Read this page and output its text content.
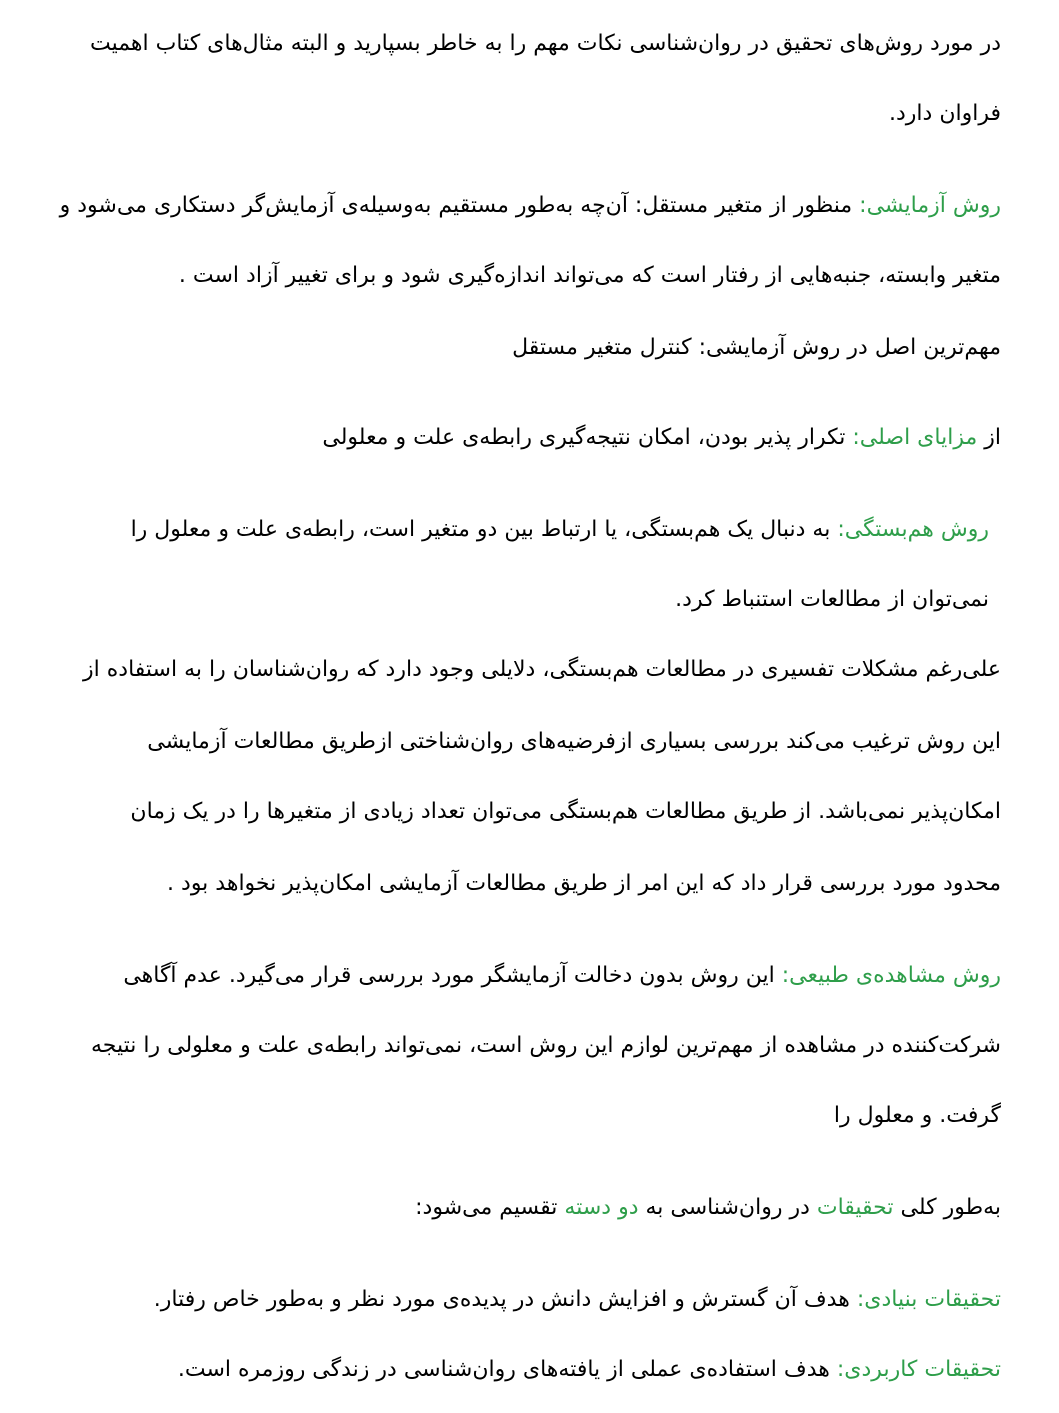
در مورد روش‌های تحقیق در روان‌شناسی نکات مهم را به خاطر بسپارید و البته مثال‌های کتاب اهمیت
فراوان دارد.
روش آزمایشی: منظور از متغیر مستقل: آن‌چه به‌طور مستقیم به‌وسیله‌ی آزمایش‌گر دستکاری می‌شود و
متغیر وابسته، جنبه‌هایی از رفتار است که می‌تواند اندازه‌گیری شود و برای تغییر آزاد است .
مهم‌ترین اصل در روش آزمایشی: کنترل متغیر مستقل
از مزایای اصلی: تکرار پذیر بودن، امکان نتیجه‌گیری رابطه‌ی علت و معلولی
روش هم‌بستگی: به دنبال یک هم‌بستگی، یا ارتباط بین دو متغیر است، رابطه‌ی علت و معلول را
نمی‌توان از مطالعات استنباط کرد.
علی‌رغم مشکلات تفسیری در مطالعات هم‌بستگی، دلایلی وجود دارد که روان‌شناسان را به استفاده از
این روش ترغیب می‌کند بررسی بسیاری ازفرضیه‌های روان‌شناختی ازطریق مطالعات آزمایشی
امکان‌پذیر نمی‌باشد. از طریق مطالعات هم‌بستگی می‌توان تعداد زیادی از متغیرها را در یک زمان
محدود مورد بررسی قرار داد که این امر از طریق مطالعات آزمایشی امکان‌پذیر نخواهد بود .
روش مشاهده‌ی طبیعی: این روش بدون دخالت آزمایشگر مورد بررسی قرار می‌گیرد. عدم آگاهی
شرکت‌کننده در مشاهده از مهم‌ترین لوازم این روش است، نمی‌تواند رابطه‌ی علت و معلولی را نتیجه
گرفت. و معلول را
به‌طور کلی تحقیقات در روان‌شناسی به دو دسته تقسیم می‌شود:
تحقیقات بنیادی: هدف آن گسترش و افزایش دانش در پدیده‌ی مورد نظر و به‌طور خاص رفتار.
تحقیقات کاربردی: هدف استفاده‌ی عملی از یافته‌های روان‌شناسی در زندگی روزمره است.
